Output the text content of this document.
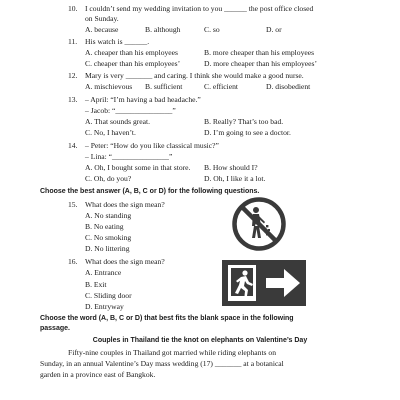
10. I couldn’t send my wedding invitation to you ______ the post office closed
on Sunday.
A. because	B. although	C. so	D. or
11. His watch is ______.
A. cheaper than his employees	B. more cheaper than his employees
C. cheaper than his employees’	D. more cheaper than his employees’
12. Mary is very _______ and caring. I think she would make a good nurse.
A. mischievous B. sufficient	C. efficient	D. disobedient
13. – April: “I’m having a bad headache.”
– Jacob: “_______________”
A. That sounds great.	B. Really? That’s too bad.
C. No, I haven’t.	D. I’m going to see a doctor.
14. – Peter: “How do you like classical music?”
– Lina: “_______________”
A. Oh, I bought some in that store. B. How should I?
C. Oh, do you?	D. Oh, I like it a lot.
Choose the best answer (A, B, C or D) for the following questions.
15. What does the sign mean?
A. No standing
B. No eating
C. No smoking
D. No littering
16. What does the sign mean?
A. Entrance
B. Exit
C. Sliding door
D. Entryway
Choose the word (A, B, C or D) that best fits the blank space in the following
passage.
Couples in Thailand tie the knot on elephants on Valentine’s Day
Fifty-nine couples in Thailand got married while riding elephants on
Sunday, in an annual Valentine’s Day mass wedding (17) _______ at a botanical
garden in a province east of Bangkok.
